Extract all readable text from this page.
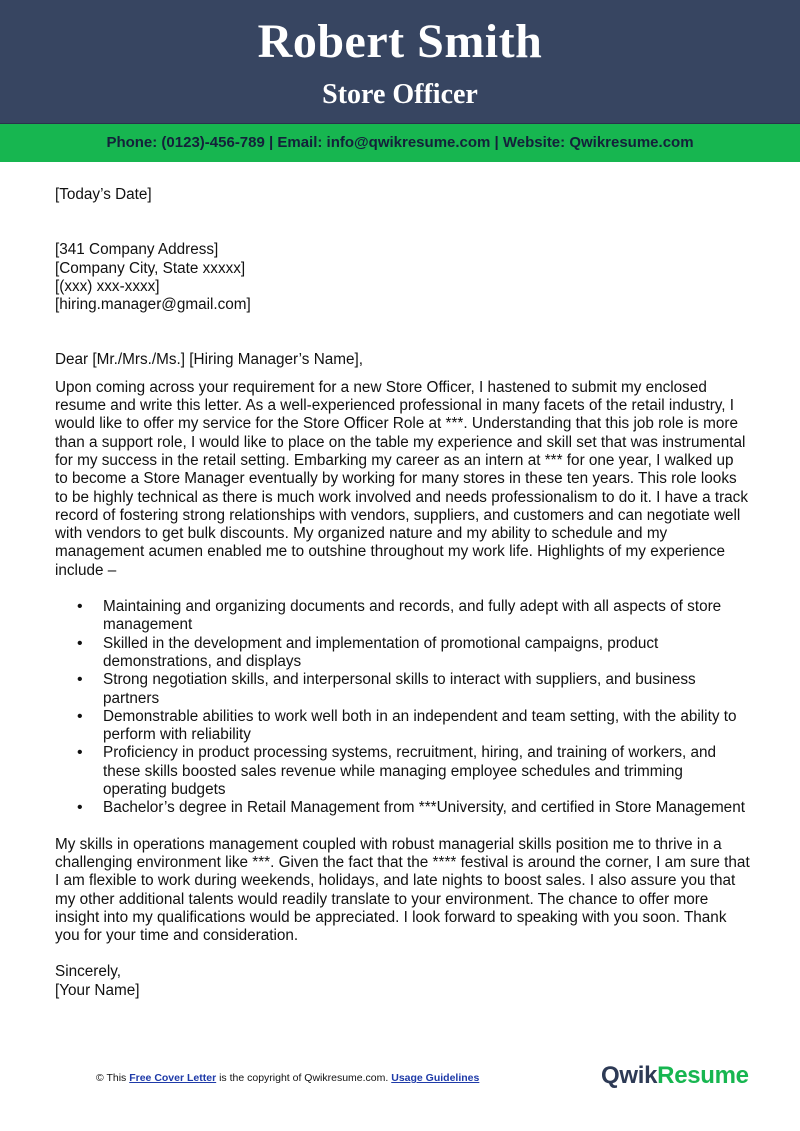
Robert Smith
Store Officer
Phone: (0123)-456-789 | Email: info@qwikresume.com | Website: Qwikresume.com

[Today’s Date]

[341 Company Address]

[Company City, State xxxxx]

[(xxx) xxx-xxxx]

[hiring.manager@gmail.com]

Dear [Mr./Mrs./Ms.] [Hiring Manager’s Name],

Upon coming across your requirement for a new Store Officer, I hastened to submit my enclosed resume and write this letter. As a well-experienced professional in many facets of the retail industry, I would like to offer my service for the Store Officer Role at ***. Understanding that this job role is more than a support role, I would like to place on the table my experience and skill set that was instrumental for my success in the retail setting. Embarking my career as an intern at *** for one year, I walked up to become a Store Manager eventually by working for many stores in these ten years. This role looks to be highly technical as there is much work involved and needs professionalism to do it. I have a track record of fostering strong relationships with vendors, suppliers, and customers and can negotiate well with vendors to get bulk discounts. My organized nature and my ability to schedule and my management acumen enabled me to outshine throughout my work life. Highlights of my experience include –

• Maintaining and organizing documents and records, and fully adept with all aspects of store management
• Skilled in the development and implementation of promotional campaigns, product demonstrations, and displays
• Strong negotiation skills, and interpersonal skills to interact with suppliers, and business partners
• Demonstrable abilities to work well both in an independent and team setting, with the ability to perform with reliability
• Proficiency in product processing systems, recruitment, hiring, and training of workers, and these skills boosted sales revenue while managing employee schedules and trimming operating budgets
• Bachelor’s degree in Retail Management from ***University, and certified in Store Management

My skills in operations management coupled with robust managerial skills position me to thrive in a challenging environment like ***. Given the fact that the **** festival is around the corner, I am sure that I am flexible to work during weekends, holidays, and late nights to boost sales. I also assure you that my other additional talents would readily translate to your environment. The chance to offer more insight into my qualifications would be appreciated. I look forward to speaking with you soon. Thank you for your time and consideration.

Sincerely,

[Your Name]

© This Free Cover Letter is the copyright of Qwikresume.com. Usage Guidelines	QwikResume
